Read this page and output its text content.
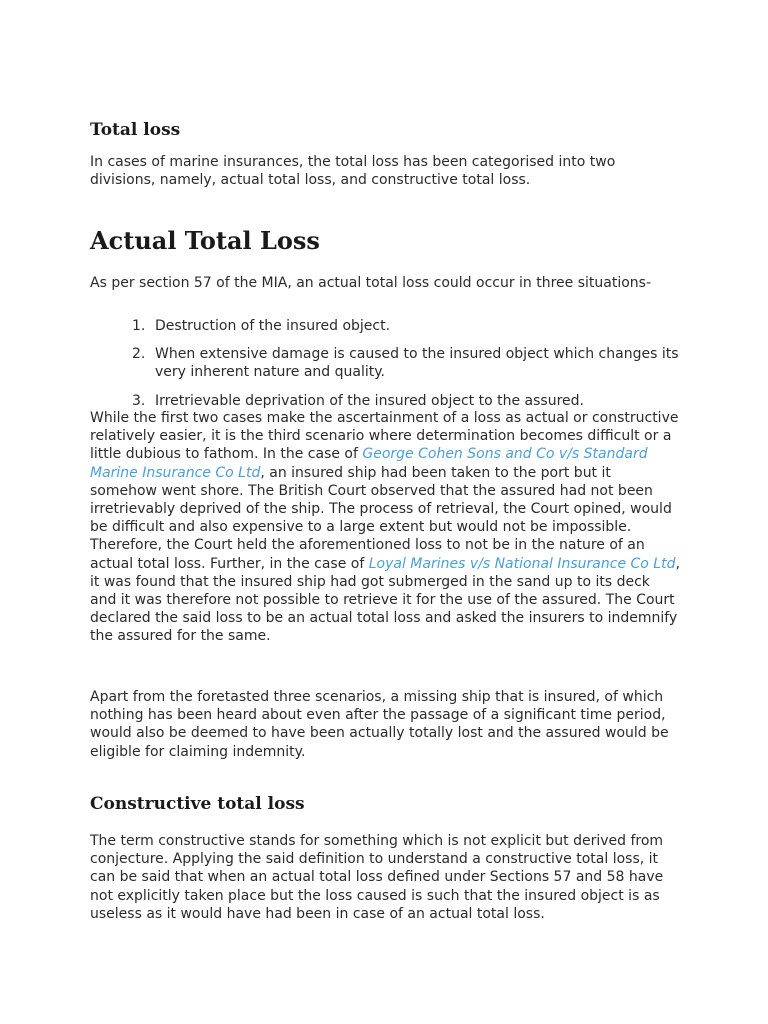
Total loss

In cases of marine insurances, the total loss has been categorised into two divisions, namely, actual total loss, and constructive total loss.

Actual Total Loss

As per section 57 of the MIA, an actual total loss could occur in three situations-

1. Destruction of the insured object.
2. When extensive damage is caused to the insured object which changes its very inherent nature and quality.
3. Irretrievable deprivation of the insured object to the assured.

While the first two cases make the ascertainment of a loss as actual or constructive relatively easier, it is the third scenario where determination becomes difficult or a little dubious to fathom. In the case of George Cohen Sons and Co v/s Standard Marine Insurance Co Ltd, an insured ship had been taken to the port but it somehow went shore. The British Court observed that the assured had not been irretrievably deprived of the ship. The process of retrieval, the Court opined, would be difficult and also expensive to a large extent but would not be impossible. Therefore, the Court held the aforementioned loss to not be in the nature of an actual total loss. Further, in the case of Loyal Marines v/s National Insurance Co Ltd, it was found that the insured ship had got submerged in the sand up to its deck and it was therefore not possible to retrieve it for the use of the assured. The Court declared the said loss to be an actual total loss and asked the insurers to indemnify the assured for the same.

Apart from the foretasted three scenarios, a missing ship that is insured, of which nothing has been heard about even after the passage of a significant time period, would also be deemed to have been actually totally lost and the assured would be eligible for claiming indemnity.

Constructive total loss

The term constructive stands for something which is not explicit but derived from conjecture. Applying the said definition to understand a constructive total loss, it can be said that when an actual total loss defined under Sections 57 and 58 have not explicitly taken place but the loss caused is such that the insured object is as useless as it would have had been in case of an actual total loss.
